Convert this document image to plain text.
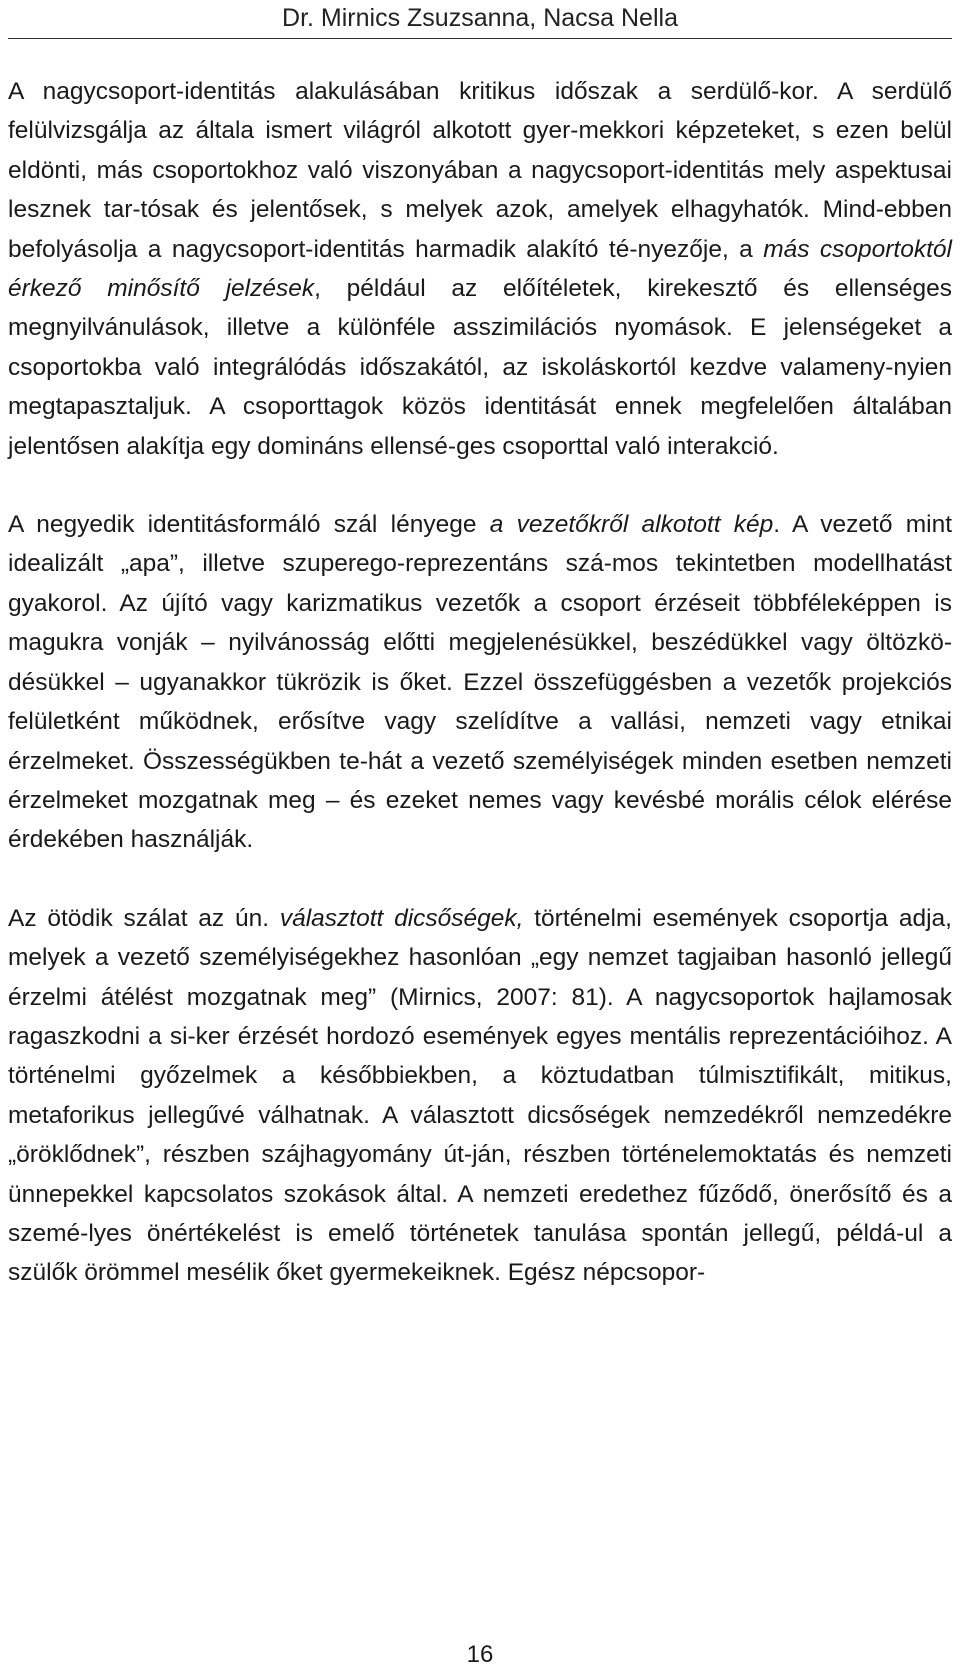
Dr. Mirnics Zsuzsanna, Nacsa Nella

A nagycsoport-identitás alakulásában kritikus időszak a serdülő-kor. A serdülő felülvizsgálja az általa ismert világról alkotott gyer-mekkori képzeteket, s ezen belül eldönti, más csoportokhoz való viszonyában a nagycsoport-identitás mely aspektusai lesznek tar-tósak és jelentősek, s melyek azok, amelyek elhagyhatók. Mind-ebben befolyásolja a nagycsoport-identitás harmadik alakító té-nyezője, a más csoportoktól érkező minősítő jelzések, például az előítéletek, kirekesztő és ellenséges megnyilvánulások, illetve a különféle asszimilációs nyomások. E jelenségeket a csoportokba való integrálódás időszakától, az iskoláskortól kezdve valameny-nyien megtapasztaljuk. A csoporttagok közös identitását ennek megfelelően általában jelentősen alakítja egy domináns ellensé-ges csoporttal való interakció.

A negyedik identitásformáló szál lényege a vezetőkről alkotott kép. A vezető mint idealizált „apa”, illetve szuperego-reprezentáns szá-mos tekintetben modellhatást gyakorol. Az újító vagy karizmatikus vezetők a csoport érzéseit többféleképpen is magukra vonják – nyilvánosság előtti megjelenésükkel, beszédükkel vagy öltözkö-désükkel – ugyanakkor tükrözik is őket. Ezzel összefüggésben a vezetők projekciós felületként működnek, erősítve vagy szelídítve a vallási, nemzeti vagy etnikai érzelmeket. Összességükben te-hát a vezető személyiségek minden esetben nemzeti érzelmeket mozgatnak meg – és ezeket nemes vagy kevésbé morális célok elérése érdekében használják.

Az ötödik szálat az ún. választott dicsőségek, történelmi események csoportja adja, melyek a vezető személyiségekhez hasonlóan „egy nemzet tagjaiban hasonló jellegű érzelmi átélést mozgatnak meg” (Mirnics, 2007: 81). A nagycsoportok hajlamosak ragaszkodni a si-ker érzését hordozó események egyes mentális reprezentációihoz. A történelmi győzelmek a későbbiekben, a köztudatban túlmisztifikált, mitikus, metaforikus jellegűvé válhatnak. A választott dicsőségek nemzedékről nemzedékre „öröklődnek”, részben szájhagyomány út-ján, részben történelemoktatás és nemzeti ünnepekkel kapcsolatos szokások által. A nemzeti eredethez fűződő, önerősítő és a szemé-lyes önértékelést is emelő történetek tanulása spontán jellegű, példá-ul a szülők örömmel mesélik őket gyermekeiknek. Egész népcsopor-

16
